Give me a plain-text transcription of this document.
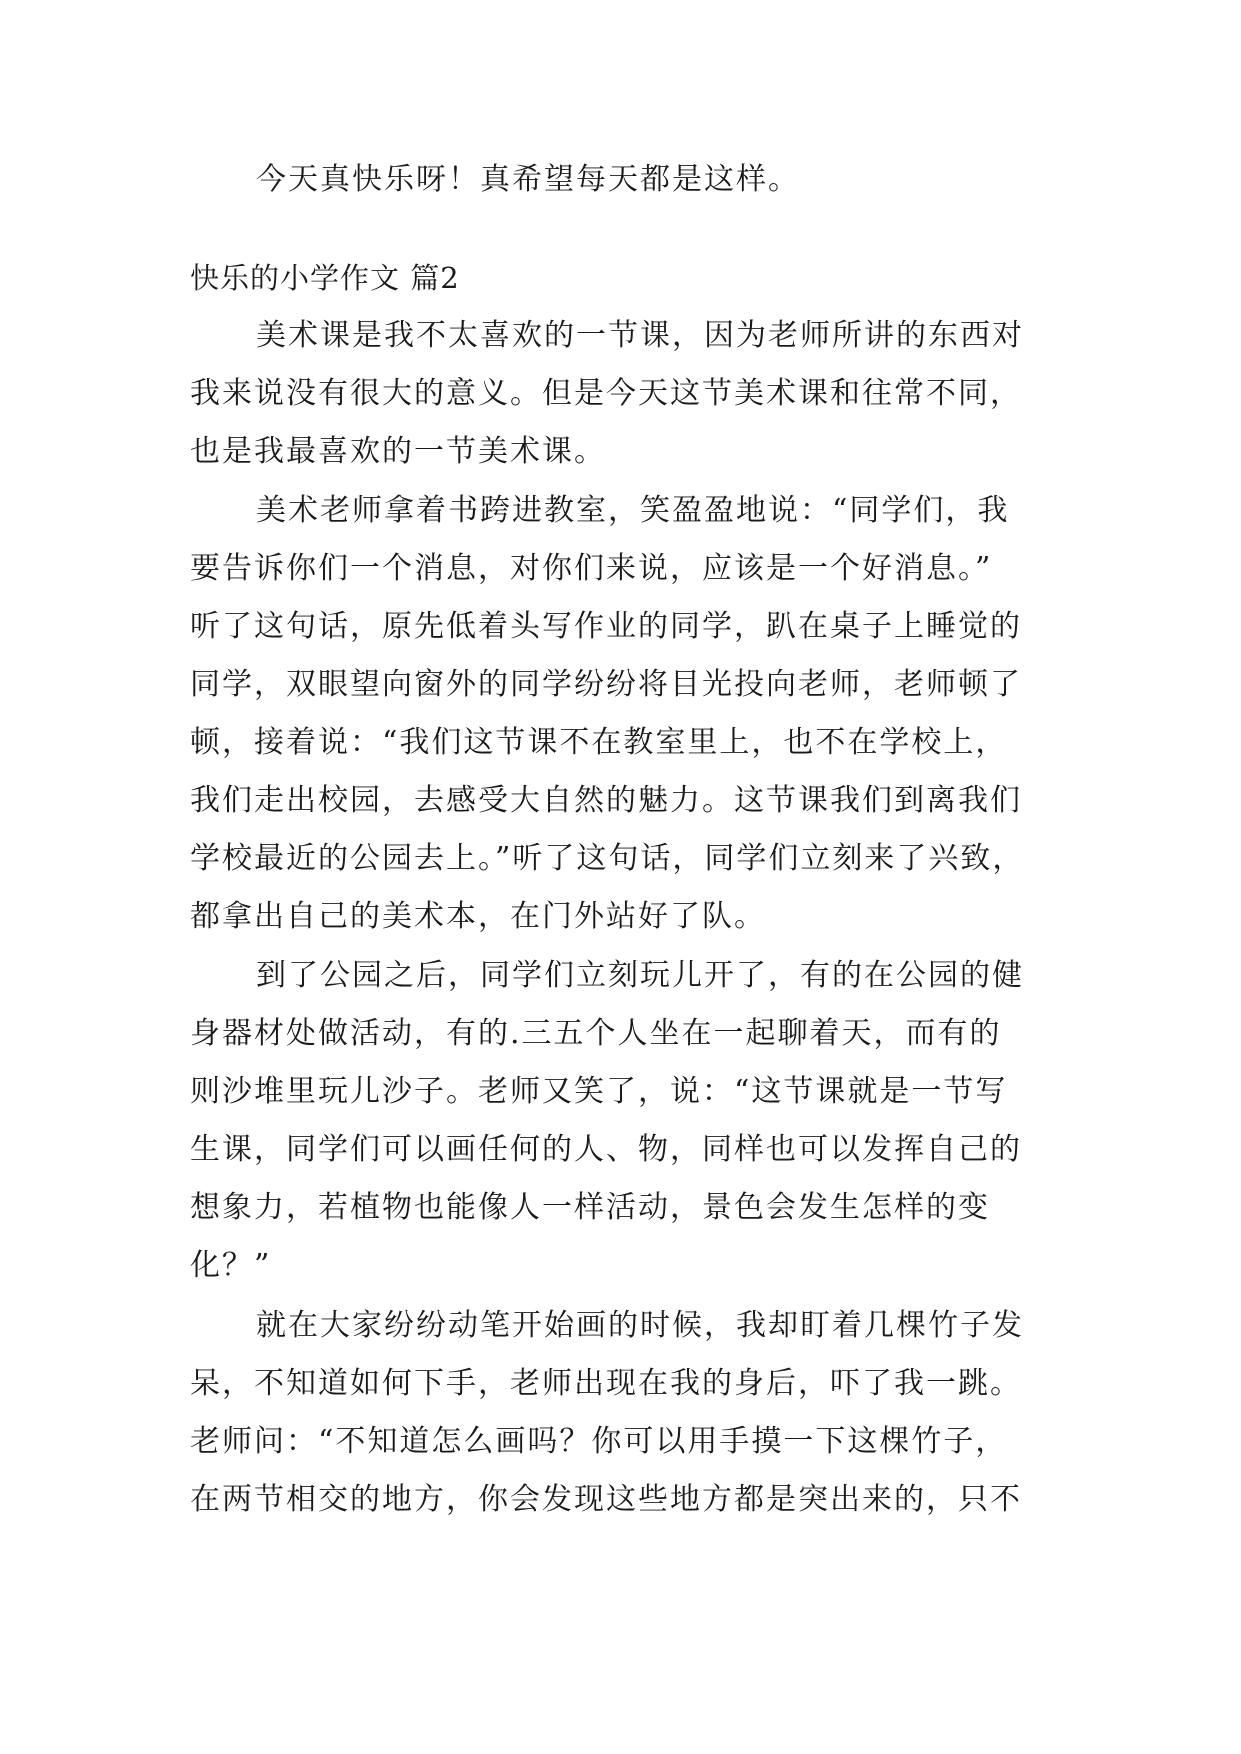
今天真快乐呀！真希望每天都是这样。
快乐的小学作文 篇2
美术课是我不太喜欢的一节课，因为老师所讲的东西对
我来说没有很大的意义。但是今天这节美术课和往常不同，
也是我最喜欢的一节美术课。
美术老师拿着书跨进教室，笑盈盈地说：“同学们，我
要告诉你们一个消息，对你们来说，应该是一个好消息。”
听了这句话，原先低着头写作业的同学，趴在桌子上睡觉的
同学，双眼望向窗外的同学纷纷将目光投向老师，老师顿了
顿，接着说：“我们这节课不在教室里上，也不在学校上，
我们走出校园，去感受大自然的魅力。这节课我们到离我们
学校最近的公园去上。”听了这句话，同学们立刻来了兴致，
都拿出自己的美术本，在门外站好了队。
到了公园之后，同学们立刻玩儿开了，有的在公园的健
身器材处做活动，有的.三五个人坐在一起聊着天，而有的
则沙堆里玩儿沙子。老师又笑了，说：“这节课就是一节写
生课，同学们可以画任何的人、物，同样也可以发挥自己的
想象力，若植物也能像人一样活动，景色会发生怎样的变
化？”
就在大家纷纷动笔开始画的时候，我却盯着几棵竹子发
呆，不知道如何下手，老师出现在我的身后，吓了我一跳。
老师问：“不知道怎么画吗？你可以用手摸一下这棵竹子，
在两节相交的地方，你会发现这些地方都是突出来的，只不
